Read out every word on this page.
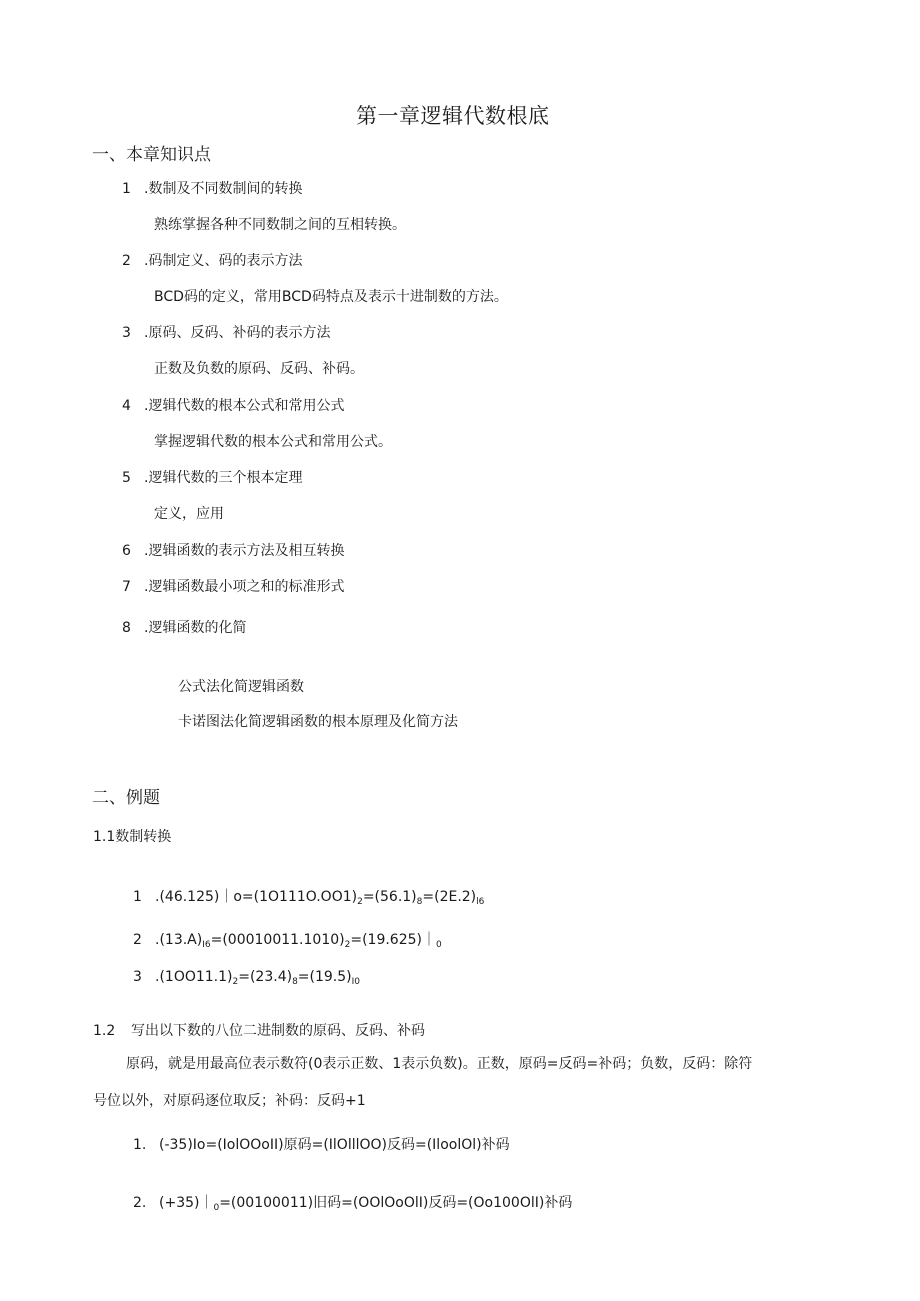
第一章逻辑代数根底
一、本章知识点
1 .数制及不同数制间的转换
熟练掌握各种不同数制之间的互相转换。
2 .码制定义、码的表示方法
BCD码的定义，常用BCD码特点及表示十进制数的方法。
3 .原码、反码、补码的表示方法
正数及负数的原码、反码、补码。
4 .逻辑代数的根本公式和常用公式
掌握逻辑代数的根本公式和常用公式。
5 .逻辑代数的三个根本定理
定义，应用
6 .逻辑函数的表示方法及相互转换
7 .逻辑函数最小项之和的标准形式
8 .逻辑函数的化简
公式法化简逻辑函数
卡诺图法化简逻辑函数的根本原理及化简方法
二、例题
1.1数制转换
1 $.(46.125)|o=(1O111O.OO1)_2=(56.1)_8=(2E.2)_{l6}$
2 $.(13.A)_{I6}=(00010011.1010)_2=(19.625)|_0$
3 $.(1OO11.1)_2=(23.4)_8=(19.5)_{I0}$
1.2 写出以下数的八位二进制数的原码、反码、补码
原码，就是用最高位表示数符(0表示正数、1表示负数)。正数，原码=反码=补码；负数，反码：除符
号位以外，对原码逐位取反；补码：反码+1
1. (-35)Io=(IolOOoII)原码=(IlOlllOO)反码=(IloolOl)补码
2. $(+35)|_0=(00100011)$旧码=(OOlOoOlI)反码=(Oo100OlI)补码
